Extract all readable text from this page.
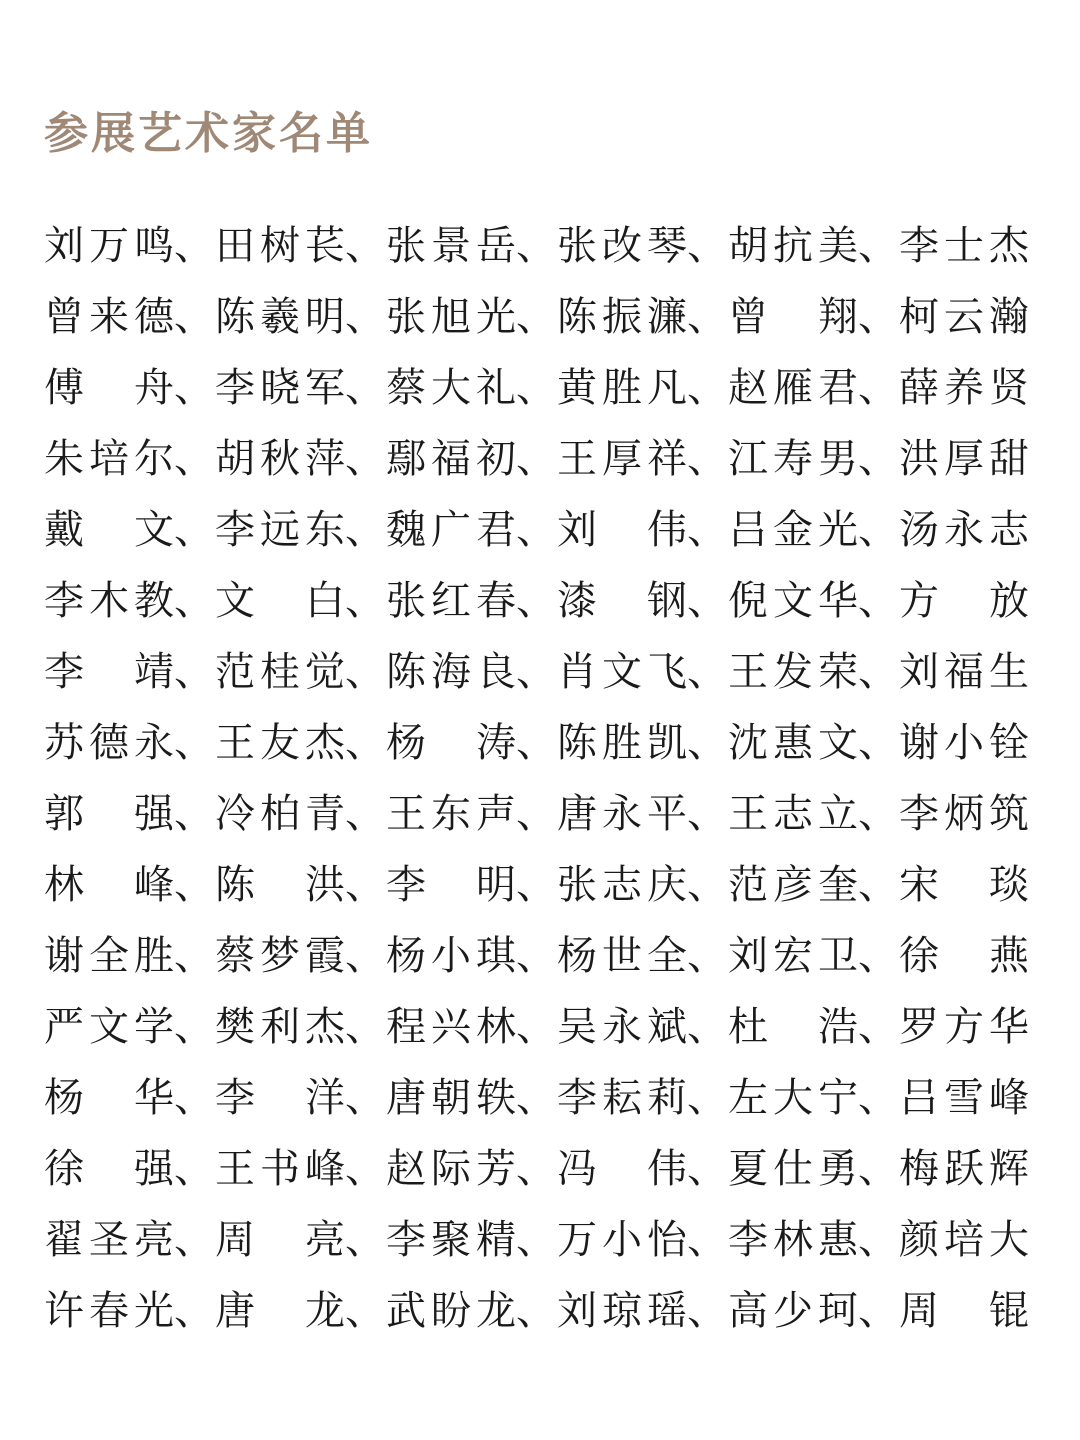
参展艺术家名单
刘 万 鸣 、 田 树 苌 、 张 景 岳 、 张 改 琴 、 胡 抗 美 、 李 士 杰
曾 来 德 、 陈 羲 明 、 张 旭 光 、 陈 振 濂 、 曾
翔 、 柯 云 瀚
傅
舟 、 李 晓 军 、 蔡 大 礼 、 黄 胜 凡 、 赵 雁 君 、 薛 养 贤
朱 培 尔 、 胡 秋 萍 、 鄢 福 初 、 王 厚 祥 、 江 寿 男 、 洪 厚 甜
戴
文 、 李 远 东 、 魏 广 君 、 刘
伟 、 吕 金 光 、 汤 永 志
李 木 教 、 文
白 、 张 红 春 、 漆
钢 、 倪 文 华 、 方
放
李
靖 、 范 桂 觉 、 陈 海 良 、 肖 文 飞 、 王 发 荣 、 刘 福 生
苏 德 永 、 王 友 杰 、 杨
涛 、 陈 胜 凯 、 沈 惠 文 、 谢 小 铨
郭
强 、 冷 柏 青 、 王 东 声 、 唐 永 平 、 王 志 立 、 李 炳 筑
林
峰 、 陈
洪 、 李
明 、 张 志 庆 、 范 彦 奎 、 宋
琰
谢 全 胜 、 蔡 梦 霞 、 杨 小 琪 、 杨 世 全 、 刘 宏 卫 、 徐
燕
严 文 学 、 樊 利 杰 、 程 兴 林 、 吴 永 斌 、 杜
浩 、 罗 方 华
杨
华 、 李
洋 、 唐 朝 轶 、 李 耘 莉 、 左 大 宁 、 吕 雪 峰
徐
强 、 王 书 峰 、 赵 际 芳 、 冯
伟 、 夏 仕 勇 、 梅 跃 辉
翟 圣 亮 、 周
亮 、 李 聚 精 、 万 小 怡 、 李 林 惠 、 颜 培 大
许 春 光 、 唐
龙 、 武 盼 龙 、 刘 琼 瑶 、 高 少 珂 、 周
锟
